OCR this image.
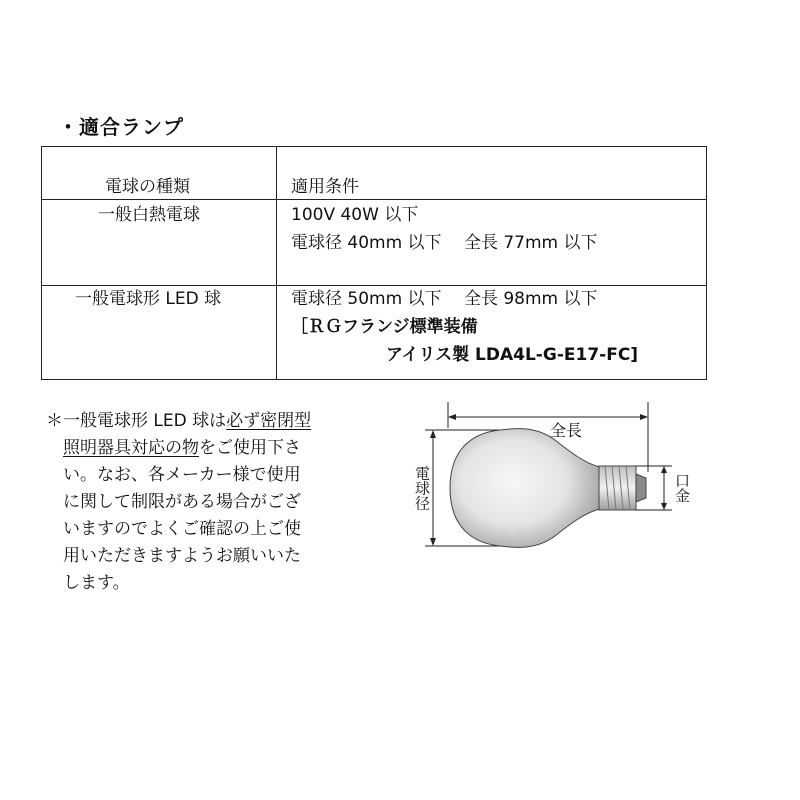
・適合ランプ
電球の種類	適用条件
一般白熱電球	100V 40W 以下
電球径 40mm 以下　 全長 77mm 以下
一般電球形 LED 球	電球径 50mm 以下　 全長 98mm 以下
［ＲＧフランジ標準装備
アイリス製 LDA4L-G-E17-FC]
＊一般電球形 LED 球は必ず密閉型
照明器具対応の物をご使用下さ
い。なお、各メーカー様で使用
に関して制限がある場合がござ
いますのでよくご確認の上ご使
用いただきますようお願いいた
します。
全長
電球径	口金
